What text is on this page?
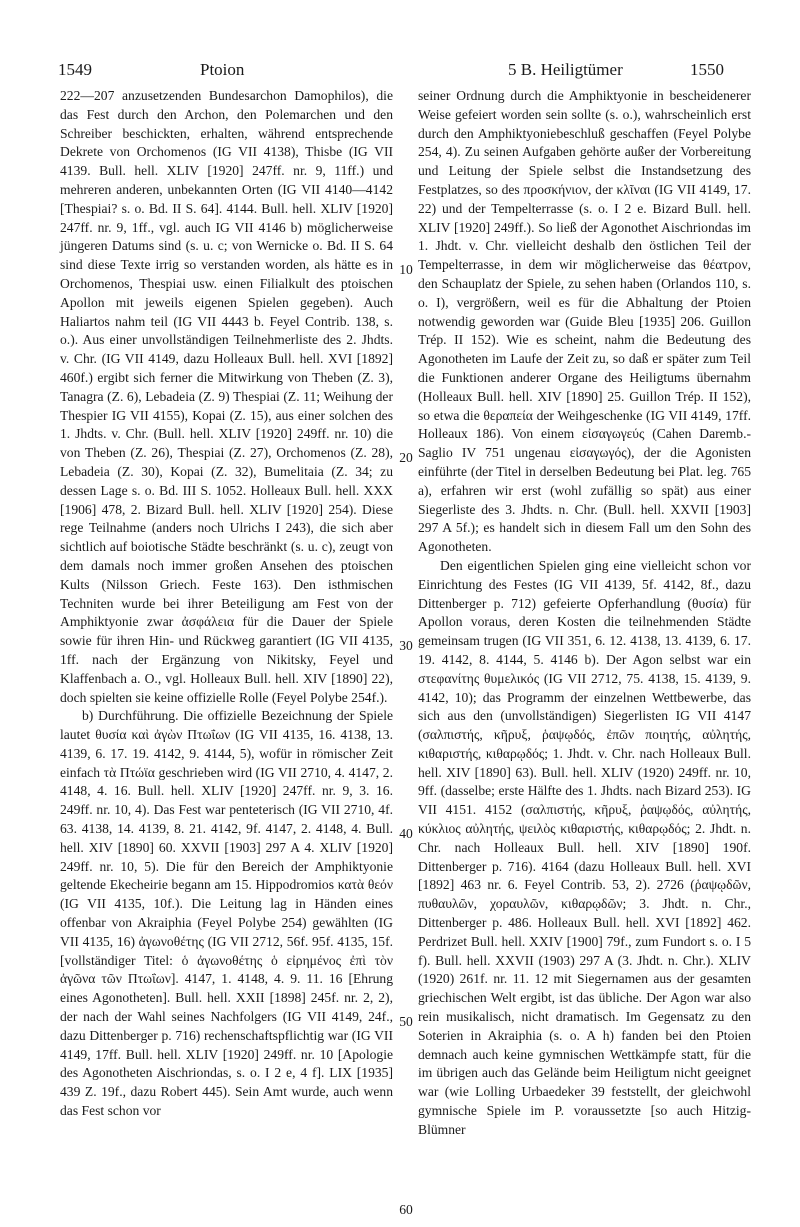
1549	Ptoion	5 B. Heiligtümer	1550
222—207 anzusetzenden Bundesarchon Damophilos), die das Fest durch den Archon, den Polemarchen und den Schreiber beschickten, erhalten, während entsprechende Dekrete von Orchomenos (IG VII 4138), Thisbe (IG VII 4139. Bull. hell. XLIV [1920] 247ff. nr. 9, 11ff.) und mehreren anderen, unbekannten Orten (IG VII 4140—4142 [Thespiai? s. o. Bd. II S. 64]. 4144. Bull. hell. XLIV [1920] 247ff. nr. 9, 1ff., vgl. auch IG VII 4146 b) möglicherweise jüngeren Datums sind (s. u. c; von Wernicke o. Bd. II S. 64 sind diese Texte irrig so verstanden worden, als hätte es in Orchomenos, Thespiai usw. einen Filialkult des ptoischen Apollon mit jeweils eigenen Spielen gegeben). Auch Haliartos nahm teil (IG VII 4443 b. Feyel Contrib. 138, s. o.). Aus einer unvollständigen Teilnehmerliste des 2. Jhdts. v. Chr. (IG VII 4149, dazu Holleaux Bull. hell. XVI [1892] 460f.) ergibt sich ferner die Mitwirkung von Theben (Z. 3), Tanagra (Z. 6), Lebadeia (Z. 9) Thespiai (Z. 11; Weihung der Thespier IG VII 4155), Kopai (Z. 15), aus einer solchen des 1. Jhdts. v. Chr. (Bull. hell. XLIV [1920] 249ff. nr. 10) die von Theben (Z. 26), Thespiai (Z. 27), Orchomenos (Z. 28), Lebadeia (Z. 30), Kopai (Z. 32), Bumelitaia (Z. 34; zu dessen Lage s. o. Bd. III S. 1052. Holleaux Bull. hell. XXX [1906] 478, 2. Bizard Bull. hell. XLIV [1920] 254). Diese rege Teilnahme (anders noch Ulrichs I 243), die sich aber sichtlich auf boiotische Städte beschränkt (s. u. c), zeugt von dem damals noch immer großen Ansehen des ptoischen Kults (Nilsson Griech. Feste 163). Den isthmischen Techniten wurde bei ihrer Beteiligung am Fest von der Amphiktyonie zwar ἀσφάλεια für die Dauer der Spiele sowie für ihren Hin- und Rückweg garantiert (IG VII 4135, 1ff. nach der Ergänzung von Nikitsky, Feyel und Klaffenbach a. O., vgl. Holleaux Bull. hell. XIV [1890] 22), doch spielten sie keine offizielle Rolle (Feyel Polybe 254f.).
b) Durchführung. Die offizielle Bezeichnung der Spiele lautet θυσία καὶ ἀγὼν Πτωΐων (IG VII 4135, 16. 4138, 13. 4139, 6. 17. 19. 4142, 9. 4144, 5), wofür in römischer Zeit einfach τὰ Πτώϊα geschrieben wird (IG VII 2710, 4. 4147, 2. 4148, 4. 16. Bull. hell. XLIV [1920] 247ff. nr. 9, 3. 16. 249ff. nr. 10, 4). Das Fest war penteterisch (IG VII 2710, 4f. 63. 4138, 14. 4139, 8. 21. 4142, 9f. 4147, 2. 4148, 4. Bull. hell. XIV [1890] 60. XXVII [1903] 297 A 4. XLIV [1920] 249ff. nr. 10, 5). Die für den Bereich der Amphiktyonie geltende Ekecheirie begann am 15. Hippodromios κατὰ θεόν (IG VII 4135, 10f.). Die Leitung lag in Händen eines offenbar von Akraiphia (Feyel Polybe 254) gewählten (IG VII 4135, 16) ἀγωνοθέτης (IG VII 2712, 56f. 95f. 4135, 15f. [vollständiger Titel: ὁ ἀγωνοθέτης ὁ εἰρημένος ἐπὶ τὸν ἀγῶνα τῶν Πτωΐων]. 4147, 1. 4148, 4. 9. 11. 16 [Ehrung eines Agonotheten]. Bull. hell. XXII [1898] 245f. nr. 2, 2), der nach der Wahl seines Nachfolgers (IG VII 4149, 24f., dazu Dittenberger p. 716) rechenschaftspflichtig war (IG VII 4149, 17ff. Bull. hell. XLIV [1920] 249ff. nr. 10 [Apologie des Agonotheten Aischriondas, s. o. I 2 e, 4 f]. LIX [1935] 439 Z. 19f., dazu Robert 445). Sein Amt wurde, auch wenn das Fest schon vor
10
20
30
40
50
60
seiner Ordnung durch die Amphiktyonie in bescheidenerer Weise gefeiert worden sein sollte (s. o.), wahrscheinlich erst durch den Amphiktyoniebeschluß geschaffen (Feyel Polybe 254, 4). Zu seinen Aufgaben gehörte außer der Vorbereitung und Leitung der Spiele selbst die Instandsetzung des Festplatzes, so des προσκήνιον, der κλῖναι (IG VII 4149, 17. 22) und der Tempelterrasse (s. o. I 2 e. Bizard Bull. hell. XLIV [1920] 249ff.). So ließ der Agonothet Aischriondas im 1. Jhdt. v. Chr. vielleicht deshalb den östlichen Teil der Tempelterrasse, in dem wir möglicherweise das θέατρον, den Schauplatz der Spiele, zu sehen haben (Orlandos 110, s. o. I), vergrößern, weil es für die Abhaltung der Ptoien notwendig geworden war (Guide Bleu [1935] 206. Guillon Trép. II 152). Wie es scheint, nahm die Bedeutung des Agonotheten im Laufe der Zeit zu, so daß er später zum Teil die Funktionen anderer Organe des Heiligtums übernahm (Holleaux Bull. hell. XIV [1890] 25. Guillon Trép. II 152), so etwa die θεραπεία der Weihgeschenke (IG VII 4149, 17ff. Holleaux 186). Von einem εἰσαγωγεύς (Cahen Daremb.-Saglio IV 751 ungenau εἰσαγωγός), der die Agonisten einführte (der Titel in derselben Bedeutung bei Plat. leg. 765 a), erfahren wir erst (wohl zufällig so spät) aus einer Siegerliste des 3. Jhdts. n. Chr. (Bull. hell. XXVII [1903] 297 A 5f.); es handelt sich in diesem Fall um den Sohn des Agonotheten.
Den eigentlichen Spielen ging eine vielleicht schon vor Einrichtung des Festes (IG VII 4139, 5f. 4142, 8f., dazu Dittenberger p. 712) gefeierte Opferhandlung (θυσία) für Apollon voraus, deren Kosten die teilnehmenden Städte gemeinsam trugen (IG VII 351, 6. 12. 4138, 13. 4139, 6. 17. 19. 4142, 8. 4144, 5. 4146 b). Der Agon selbst war ein στεφανίτης θυμελικός (IG VII 2712, 75. 4138, 15. 4139, 9. 4142, 10); das Programm der einzelnen Wettbewerbe, das sich aus den (unvollständigen) Siegerlisten IG VII 4147 (σαλπιστής, κῆρυξ, ῥαψῳδός, ἐπῶν ποιητής, αὐλητής, κιθαριστής, κιθαρῳδός; 1. Jhdt. v. Chr. nach Holleaux Bull. hell. XIV [1890] 63). Bull. hell. XLIV (1920) 249ff. nr. 10, 9ff. (dasselbe; erste Hälfte des 1. Jhdts. nach Bizard 253). IG VII 4151. 4152 (σαλπιστής, κῆρυξ, ῥαψῳδός, αὐλητής, κύκλιος αὐλητής, ψειλὸς κιθαριστής, κιθαρῳδός; 2. Jhdt. n. Chr. nach Holleaux Bull. hell. XIV [1890] 190f. Dittenberger p. 716). 4164 (dazu Holleaux Bull. hell. XVI [1892] 463 nr. 6. Feyel Contrib. 53, 2). 2726 (ῥαψῳδῶν, πυθαυλῶν, χοραυλῶν, κιθαρῳδῶν; 3. Jhdt. n. Chr., Dittenberger p. 486. Holleaux Bull. hell. XVI [1892] 462. Perdrizet Bull. hell. XXIV [1900] 79f., zum Fundort s. o. I 5 f). Bull. hell. XXVII (1903) 297 A (3. Jhdt. n. Chr.). XLIV (1920) 261f. nr. 11. 12 mit Siegernamen aus der gesamten griechischen Welt ergibt, ist das übliche. Der Agon war also rein musikalisch, nicht dramatisch. Im Gegensatz zu den Soterien in Akraiphia (s. o. A h) fanden bei den Ptoien demnach auch keine gymnischen Wettkämpfe statt, für die im übrigen auch das Gelände beim Heiligtum nicht geeignet war (wie Lolling Urbaedeker 39 feststellt, der gleichwohl gymnische Spiele im P. voraussetzte [so auch Hitzig-Blümner
